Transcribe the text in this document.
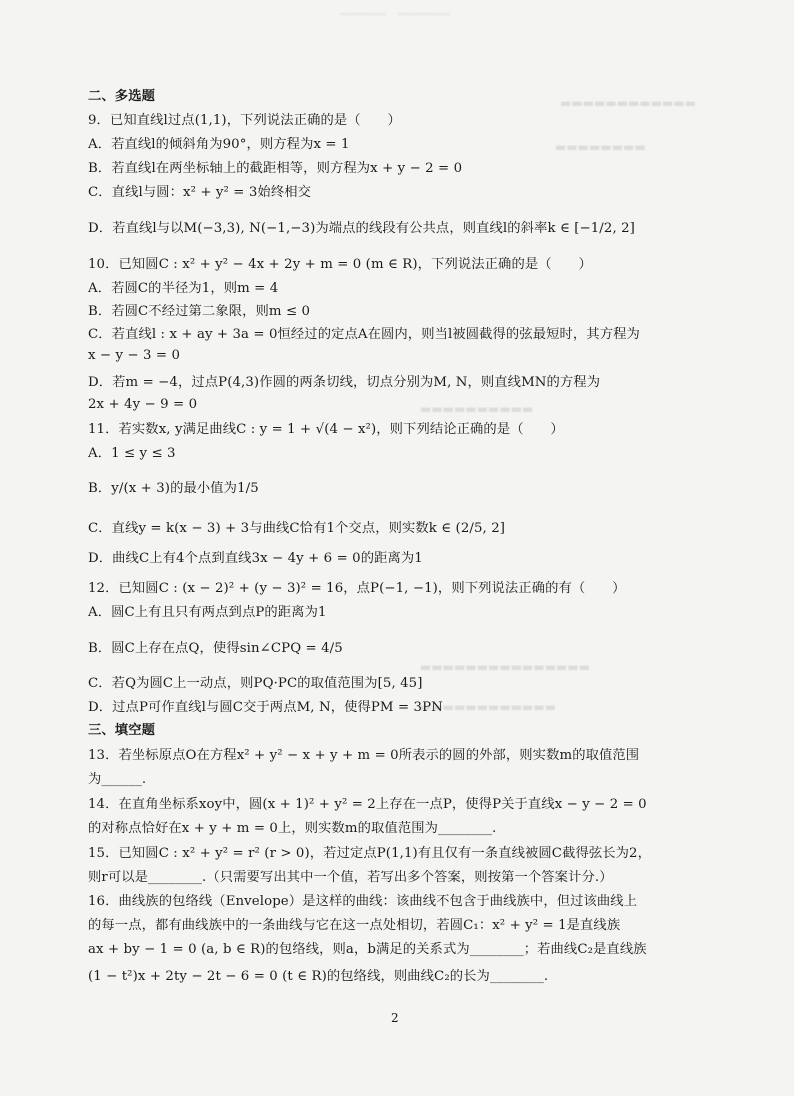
━━━━━━━　━━━━━━━━
▬▬▬▬▬▬▬▬▬▬▬▬
▬▬▬▬▬▬▬▬
▬▬▬▬▬▬▬▬▬▬
▬▬▬▬▬▬▬▬▬▬▬▬▬▬▬
▬▬▬▬▬▬▬▬▬▬▬▬
二、多选题
9．已知直线l过点(1,1)，下列说法正确的是（　　）
A．若直线l的倾斜角为90°，则方程为x = 1
B．若直线l在两坐标轴上的截距相等，则方程为x + y − 2 = 0
C．直线l与圆：x² + y² = 3始终相交
D．若直线l与以M(−3,3), N(−1,−3)为端点的线段有公共点，则直线l的斜率k ∈ [−1/2, 2]
10．已知圆C : x² + y² − 4x + 2y + m = 0 (m ∈ R)，下列说法正确的是（　　）
A．若圆C的半径为1，则m = 4
B．若圆C不经过第二象限，则m ≤ 0
C．若直线l : x + ay + 3a = 0恒经过的定点A在圆内，则当l被圆截得的弦最短时，其方程为
x − y − 3 = 0
D．若m = −4，过点P(4,3)作圆的两条切线，切点分别为M, N，则直线MN的方程为
2x + 4y − 9 = 0
11．若实数x, y满足曲线C : y = 1 + √(4 − x²)，则下列结论正确的是（　　）
A．1 ≤ y ≤ 3
B．y/(x + 3)的最小值为1/5
C．直线y = k(x − 3) + 3与曲线C恰有1个交点，则实数k ∈ (2/5, 2]
D．曲线C上有4个点到直线3x − 4y + 6 = 0的距离为1
12．已知圆C : (x − 2)² + (y − 3)² = 16，点P(−1, −1)，则下列说法正确的有（　　）
A．圆C上有且只有两点到点P的距离为1
B．圆C上存在点Q，使得sin∠CPQ = 4/5
C．若Q为圆C上一动点，则PQ·PC的取值范围为[5, 45]
D．过点P可作直线l与圆C交于两点M, N，使得PM = 3PN
三、填空题
13．若坐标原点O在方程x² + y² − x + y + m = 0所表示的圆的外部，则实数m的取值范围
为______.
14．在直角坐标系xoy中，圆(x + 1)² + y² = 2上存在一点P，使得P关于直线x − y − 2 = 0
的对称点恰好在x + y + m = 0上，则实数m的取值范围为________.
15．已知圆C : x² + y² = r² (r > 0)，若过定点P(1,1)有且仅有一条直线被圆C截得弦长为2，
则r可以是________.（只需要写出其中一个值，若写出多个答案，则按第一个答案计分.）
16．曲线族的包络线（Envelope）是这样的曲线：该曲线不包含于曲线族中，但过该曲线上
的每一点，都有曲线族中的一条曲线与它在这一点处相切，若圆C₁：x² + y² = 1是直线族
ax + by − 1 = 0 (a, b ∈ R)的包络线，则a，b满足的关系式为________；若曲线C₂是直线族
(1 − t²)x + 2ty − 2t − 6 = 0 (t ∈ R)的包络线，则曲线C₂的长为________.
2
